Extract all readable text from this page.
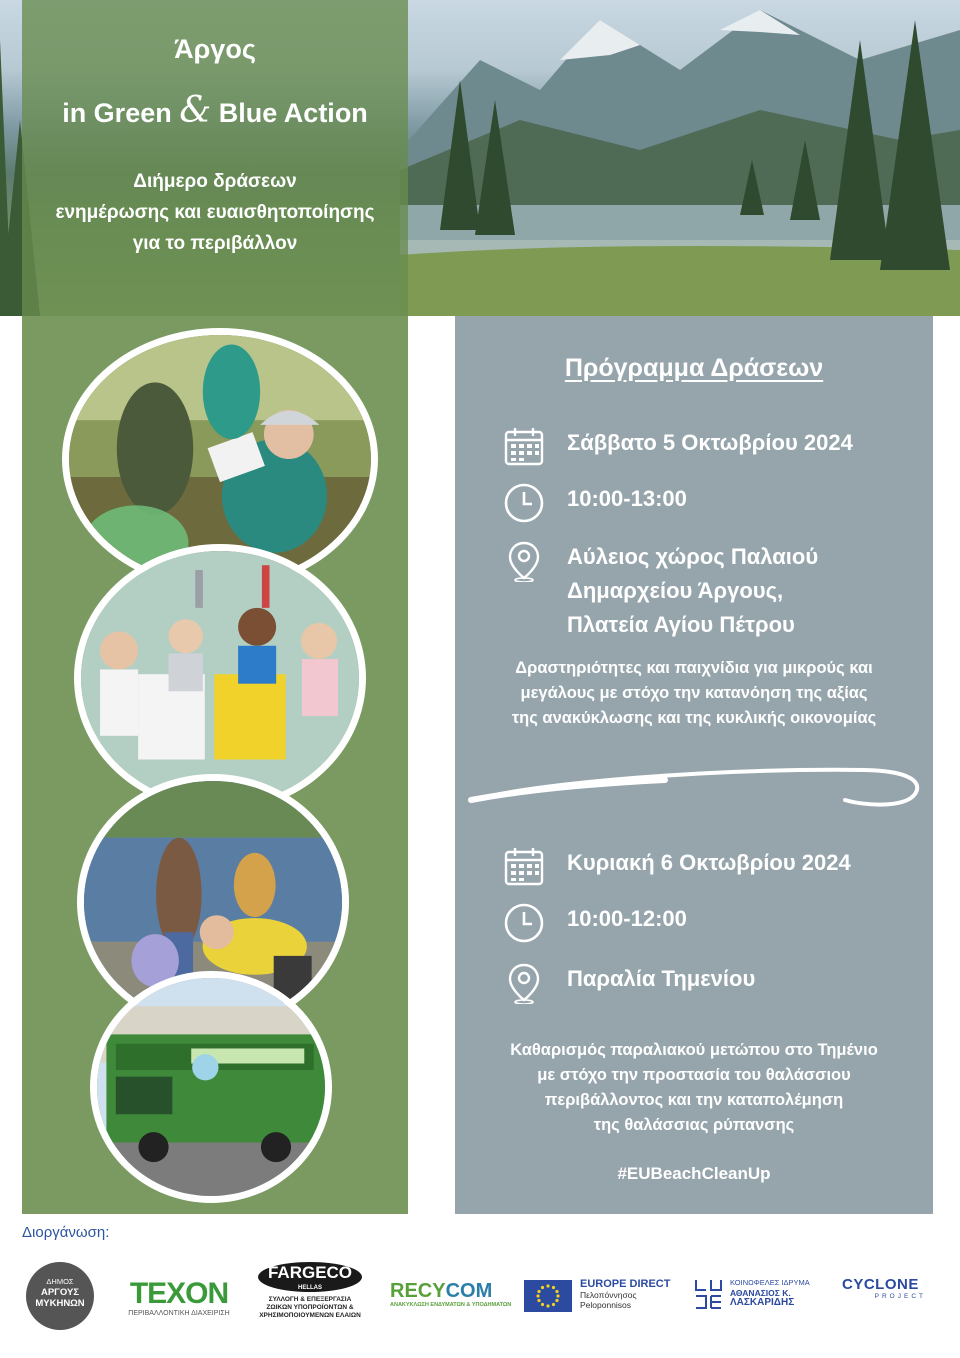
Άργος

in Green & Blue Action

Διήμερο δράσεων
ενημέρωσης και ευαισθητοποίησης
για το περιβάλλον
Πρόγραμμα Δράσεων
Σάββατο 5 Οκτωβρίου 2024
10:00-13:00
Αύλειος χώρος Παλαιού
Δημαρχείου Άργους,
Πλατεία Αγίου Πέτρου
Δραστηριότητες και παιχνίδια για μικρούς και
μεγάλους με στόχο την κατανόηση της αξίας
της ανακύκλωσης και της κυκλικής οικονομίας
Κυριακή 6 Οκτωβρίου 2024
10:00-12:00
Παραλία Τημενίου
Καθαρισμός παραλιακού μετώπου στο Τημένιο
με στόχο την προστασία του θαλάσσιου
περιβάλλοντος και την καταπολέμηση
της θαλάσσιας ρύπανσης
#EUBeachCleanUp
Διοργάνωση:
ΔΗΜΟΣ
ΑΡΓΟΥΣ
ΜΥΚΗΝΩΝ	ΤΕΧΟΝ
ΠΕΡΙΒΑΛΛΟΝΤΙΚΗ ΔΙΑΧΕΙΡΙΣΗ
FARGECO
HELLAS
ΣΥΛΛΟΓΗ & ΕΠΕΞΕΡΓΑΣΙΑ
ΖΩΙΚΩΝ ΥΠΟΠΡΟΪΟΝΤΩΝ &
ΧΡΗΣΙΜΟΠΟΙΟΥΜΕΝΩΝ ΕΛΑΙΩΝ
RECYCOM
ΑΝΑΚΥΚΛΩΣΗ ΕΝΔΥΜΑΤΩΝ & ΥΠΟΔΗΜΑΤΩΝ
EUROPE DIRECT
Πελοπόννησος
Peloponnisos
ΚΟΙΝΩΦΕΛΕΣ ΙΔΡΥΜΑ
ΑΘΑΝΑΣΙΟΣ Κ.
ΛΑΣΚΑΡΙΔΗΣ
CYCLONE
PROJECT
